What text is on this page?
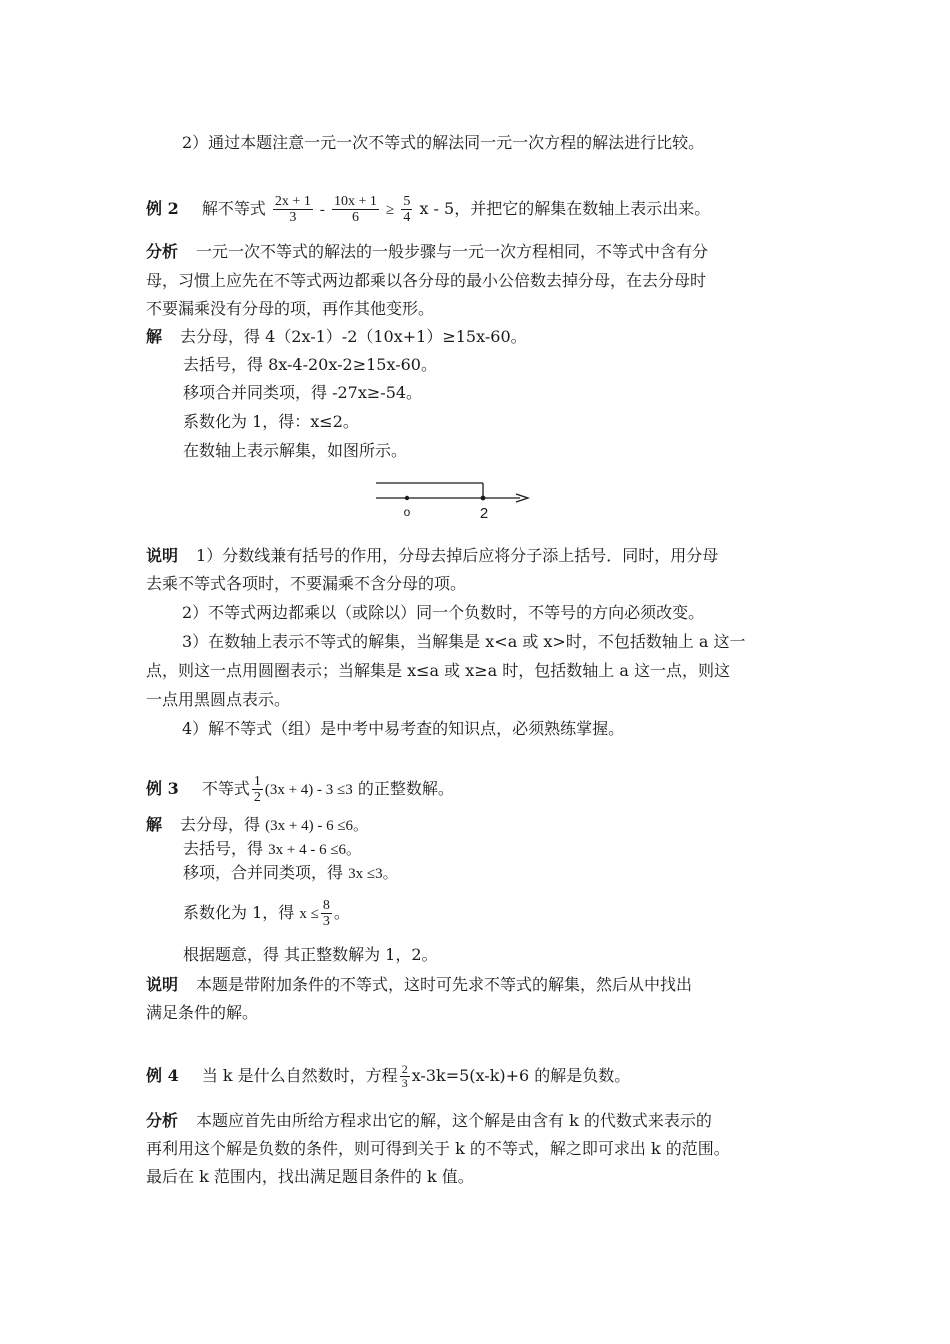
2）通过本题注意一元一次不等式的解法同一元一次方程的解法进行比较。
例 2 解不等式 $\frac{2x + 1}{3} - \frac{10x + 1}{6} \ge \frac{5}{4}$ x - 5，并把它的解集在数轴上表示出来。
分析 一元一次不等式的解法的一般步骤与一元一次方程相同，不等式中含有分
母，习惯上应先在不等式两边都乘以各分母的最小公倍数去掉分母，在去分母时
不要漏乘没有分母的项，再作其他变形。
解 去分母，得 4（2x-1）-2（10x+1）≥15x-60。
去括号，得 8x-4-20x-2≥15x-60。
移项合并同类项，得 -27x≥-54。
系数化为 1，得：x≤2。
在数轴上表示解集，如图所示。
o	2
说明 1）分数线兼有括号的作用，分母去掉后应将分子添上括号．同时，用分母
去乘不等式各项时，不要漏乘不含分母的项。
2）不等式两边都乘以（或除以）同一个负数时，不等号的方向必须改变。
3）在数轴上表示不等式的解集，当解集是 x<a 或 x>时，不包括数轴上 a 这一
点，则这一点用圆圈表示；当解集是 x≤a 或 x≥a 时，包括数轴上 a 这一点，则这
一点用黑圆点表示。
4）解不等式（组）是中考中易考查的知识点，必须熟练掌握。
例 3 不等式 $\frac{1}{2} (3x + 4) - 3 \le 3$ 的正整数解。
解 去分母，得 (3x + 4) - 6 ≤6。
去括号，得 3x + 4 - 6 ≤6。
移项，合并同类项，得 3x ≤3。
系数化为 1，得 $x \le \frac{8}{3}$ 。
根据题意，得 其正整数解为 1，2。
说明 本题是带附加条件的不等式，这时可先求不等式的解集，然后从中找出
满足条件的解。
例 4 当 k 是什么自然数时，方程 $\frac{2}{3} x-3k=5(x-k)+6$ 的解是负数。
分析 本题应首先由所给方程求出它的解，这个解是由含有 k 的代数式来表示的
再利用这个解是负数的条件，则可得到关于 k 的不等式，解之即可求出 k 的范围。
最后在 k 范围内，找出满足题目条件的 k 值。
